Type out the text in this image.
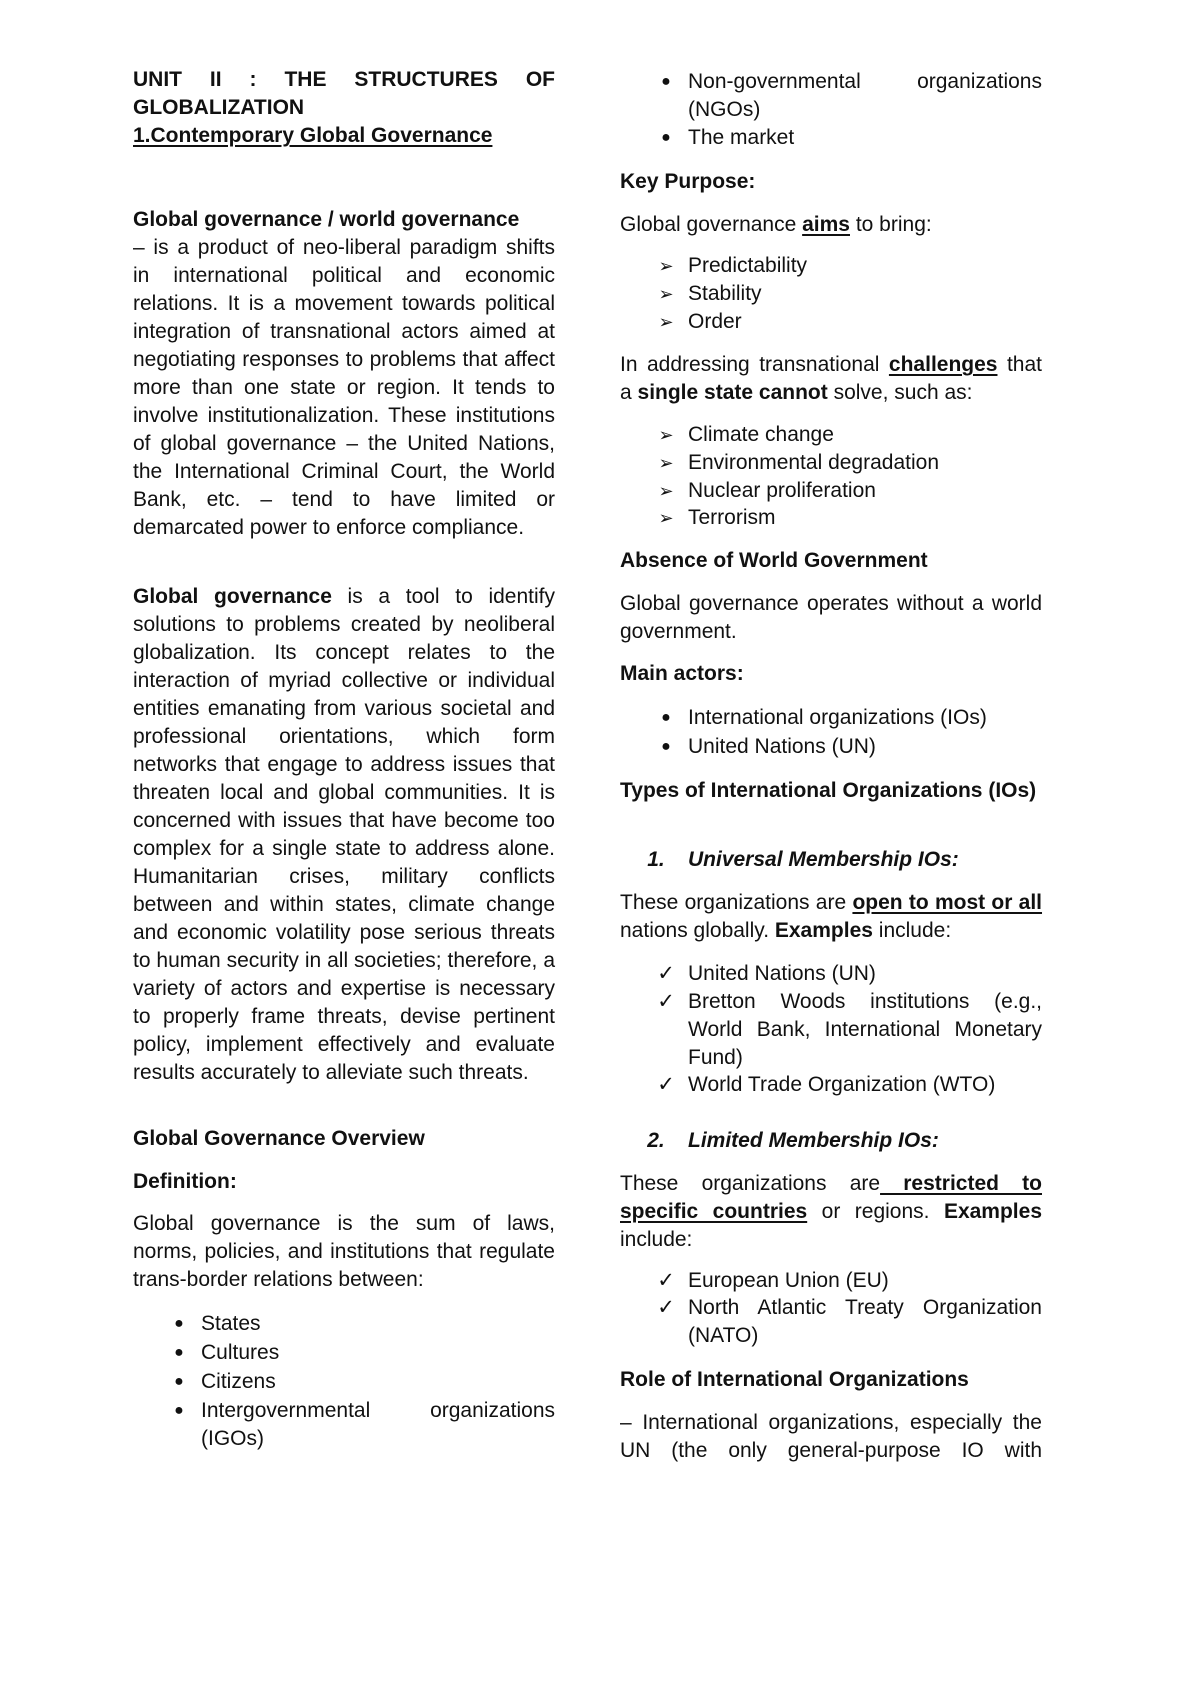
UNIT II : THE STRUCTURES OF GLOBALIZATION
1.Contemporary Global Governance
Global governance / world governance
– is a product of neo-liberal paradigm shifts in international political and economic relations. It is a movement towards political integration of transnational actors aimed at negotiating responses to problems that affect more than one state or region. It tends to involve institutionalization. These institutions of global governance – the United Nations, the International Criminal Court, the World Bank, etc. – tend to have limited or demarcated power to enforce compliance.
Global governance is a tool to identify solutions to problems created by neoliberal globalization. Its concept relates to the interaction of myriad collective or individual entities emanating from various societal and professional orientations, which form networks that engage to address issues that threaten local and global communities. It is concerned with issues that have become too complex for a single state to address alone. Humanitarian crises, military conflicts between and within states, climate change and economic volatility pose serious threats to human security in all societies; therefore, a variety of actors and expertise is necessary to properly frame threats, devise pertinent policy, implement effectively and evaluate results accurately to alleviate such threats.
Global Governance Overview
Definition:
Global governance is the sum of laws, norms, policies, and institutions that regulate trans-border relations between:
● States
● Cultures
● Citizens
● Intergovernmental organizations (IGOs)
● Non-governmental organizations (NGOs)
● The market
Key Purpose:
Global governance aims to bring:
➢ Predictability
➢ Stability
➢ Order
In addressing transnational challenges that a single state cannot solve, such as:
➢ Climate change
➢ Environmental degradation
➢ Nuclear proliferation
➢ Terrorism
Absence of World Government
Global governance operates without a world government.
Main actors:
● International organizations (IOs)
● United Nations (UN)
Types of International Organizations (IOs)
1. Universal Membership IOs:
These organizations are open to most or all nations globally. Examples include:
✓ United Nations (UN)
✓ Bretton Woods institutions (e.g., World Bank, International Monetary Fund)
✓ World Trade Organization (WTO)
2. Limited Membership IOs:
These organizations are restricted to specific countries or regions. Examples include:
✓ European Union (EU)
✓ North Atlantic Treaty Organization (NATO)
Role of International Organizations
– International organizations, especially the UN (the only general-purpose IO with
